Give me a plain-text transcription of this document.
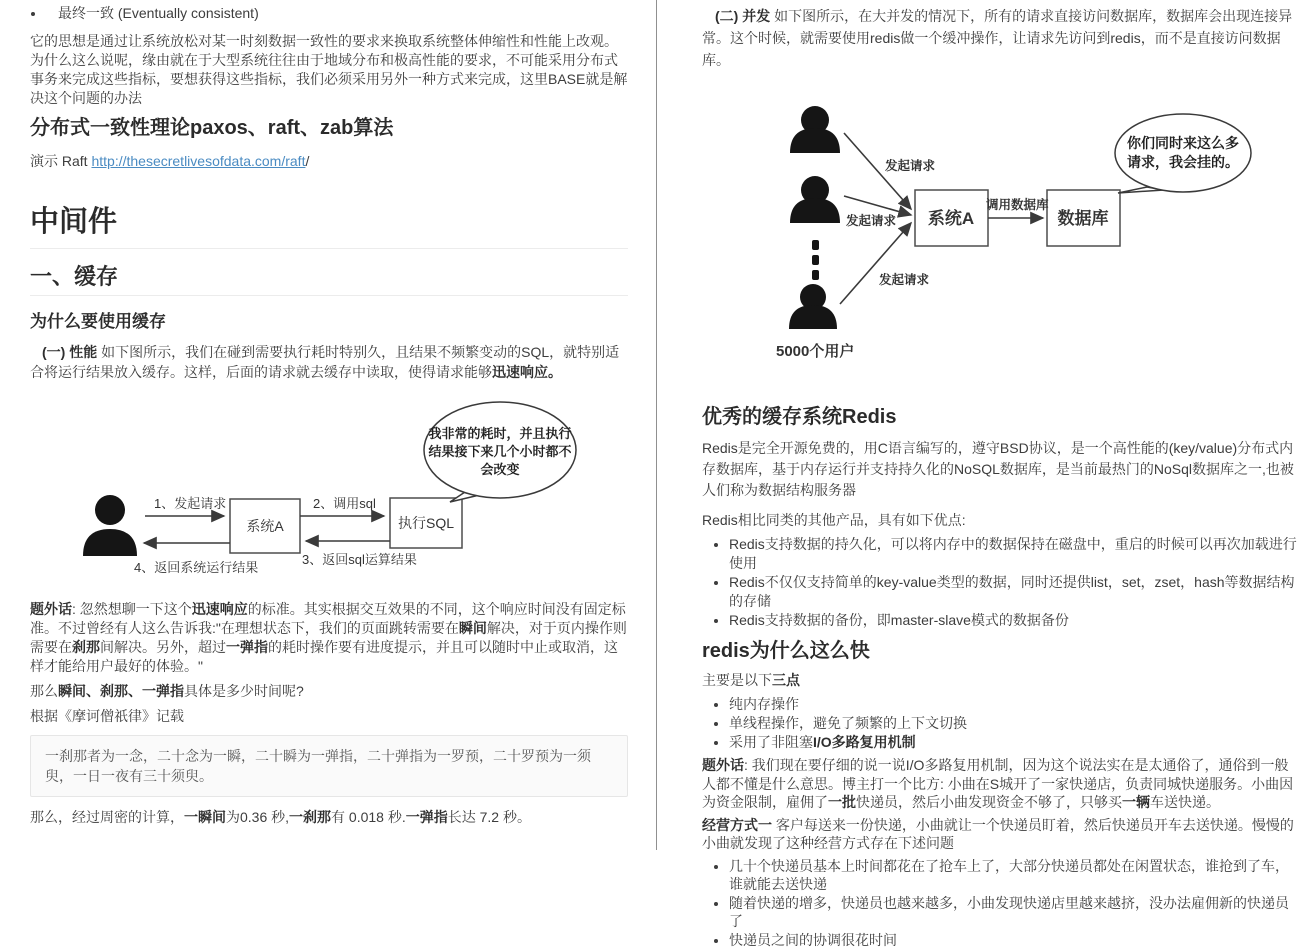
• 最终一致 (Eventually consistent)

它的思想是通过让系统放松对某一时刻数据一致性的要求来换取系统整体伸缩性和性能上改观。为什么这么说呢，缘由就在于大型系统往往由于地域分布和极高性能的要求，不可能采用分布式事务来完成这些指标，要想获得这些指标，我们必须采用另外一种方式来完成，这里BASE就是解决这个问题的办法

分布式一致性理论paxos、raft、zab算法

演示 Raft http://thesecretlivesofdata.com/raft/

中间件
一、缓存
为什么要使用缓存

(一) 性能 如下图所示，我们在碰到需要执行耗时特别久，且结果不频繁变动的SQL，就特别适合将运行结果放入缓存。这样，后面的请求就去缓存中读取，使得请求能够迅速响应。

系统A	执行SQL
1、发起请求	2、调用sql
3、返回sql运算结果
4、返回系统运行结果
我非常的耗时，并且执行
结果接下来几个小时都不
会改变

题外话: 忽然想聊一下这个迅速响应的标准。其实根据交互效果的不同，这个响应时间没有固定标准。不过曾经有人这么告诉我:"在理想状态下，我们的页面跳转需要在瞬间解决，对于页内操作则需要在刹那间解决。另外，超过一弹指的耗时操作要有进度提示，并且可以随时中止或取消，这样才能给用户最好的体验。"

那么瞬间、刹那、一弹指具体是多少时间呢?

根据《摩诃僧祇律》记载

一刹那者为一念，二十念为一瞬，二十瞬为一弹指，二十弹指为一罗预，二十罗预为一须臾，一日一夜有三十须臾。

那么，经过周密的计算，一瞬间为0.36 秒,一刹那有 0.018 秒.一弹指长达 7.2 秒。

(二) 并发 如下图所示，在大并发的情况下，所有的请求直接访问数据库，数据库会出现连接异常。这个时候，就需要使用redis做一个缓冲操作，让请求先访问到redis，而不是直接访问数据库。

5000个用户
系统A	数据库
发起请求
发起请求
发起请求
调用数据库
你们同时来这么多
请求，我会挂的。
优秀的缓存系统Redis

Redis是完全开源免费的，用C语言编写的，遵守BSD协议，是一个高性能的(key/value)分布式内存数据库，基于内存运行并支持持久化的NoSQL数据库，是当前最热门的NoSql数据库之一,也被人们称为数据结构服务器

Redis相比同类的其他产品，具有如下优点:

• Redis支持数据的持久化，可以将内存中的数据保持在磁盘中，重启的时候可以再次加载进行使用
• Redis不仅仅支持简单的key-value类型的数据，同时还提供list，set，zset，hash等数据结构的存储
• Redis支持数据的备份，即master-slave模式的数据备份
redis为什么这么快

主要是以下三点

• 纯内存操作
• 单线程操作，避免了频繁的上下文切换
• 采用了非阻塞I/O多路复用机制

题外话: 我们现在要仔细的说一说I/O多路复用机制，因为这个说法实在是太通俗了，通俗到一般人都不懂是什么意思。博主打一个比方: 小曲在S城开了一家快递店，负责同城快递服务。小曲因为资金限制，雇佣了一批快递员，然后小曲发现资金不够了，只够买一辆车送快递。

经营方式一 客户每送来一份快递，小曲就让一个快递员盯着，然后快递员开车去送快递。慢慢的小曲就发现了这种经营方式存在下述问题

• 几十个快递员基本上时间都花在了抢车上了，大部分快递员都处在闲置状态，谁抢到了车，谁就能去送快递
• 随着快递的增多，快递员也越来越多，小曲发现快递店里越来越挤，没办法雇佣新的快递员了
• 快递员之间的协调很花时间
